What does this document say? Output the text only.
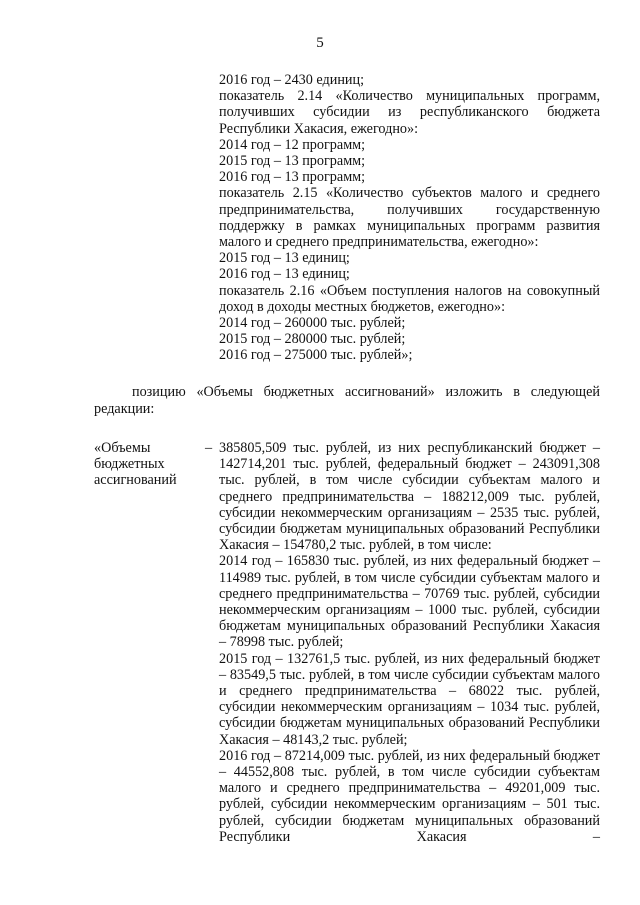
5
2016 год – 2430 единиц;
показатель 2.14 «Количество муниципальных программ, получивших субсидии из республиканского бюджета Республики Хакасия, ежегодно»:
2014 год – 12 программ;
2015 год – 13 программ;
2016 год – 13 программ;
показатель 2.15 «Количество субъектов малого и среднего предпринимательства, получивших государственную поддержку в рамках муниципальных программ развития малого и среднего предпринимательства, ежегодно»:
2015 год – 13 единиц;
2016 год – 13 единиц;
показатель 2.16 «Объем поступления налогов на совокупный доход в доходы местных бюджетов, ежегодно»:
2014 год – 260000 тыс. рублей;
2015 год – 280000 тыс. рублей;
2016 год – 275000 тыс. рублей»;
позицию «Объемы бюджетных ассигнований» изложить в следующей редакции:
«Объемы
бюджетных
ассигнований
– 385805,509 тыс. рублей, из них республиканский бюджет – 142714,201 тыс. рублей, федеральный бюджет – 243091,308 тыс. рублей, в том числе субсидии субъектам малого и среднего предпринимательства – 188212,009 тыс. рублей, субсидии некоммерческим организациям – 2535 тыс. рублей, субсидии бюджетам муниципальных образований Республики Хакасия – 154780,2 тыс. рублей, в том числе:

2014 год – 165830 тыс. рублей, из них федеральный бюджет – 114989 тыс. рублей, в том числе субсидии субъектам малого и среднего предпринимательства – 70769 тыс. рублей, субсидии некоммерческим организациям – 1000 тыс. рублей, субсидии бюджетам муниципальных образований Республики Хакасия – 78998 тыс. рублей;

2015 год – 132761,5 тыс. рублей, из них федеральный бюджет – 83549,5 тыс. рублей, в том числе субсидии субъектам малого и среднего предпринимательства – 68022 тыс. рублей, субсидии некоммерческим организациям – 1034 тыс. рублей, субсидии бюджетам муниципальных образований Республики Хакасия – 48143,2 тыс. рублей;

2016 год – 87214,009 тыс. рублей, из них федеральный бюджет – 44552,808 тыс. рублей, в том числе субсидии субъектам малого и среднего предпринимательства – 49201,009 тыс. рублей, субсидии некоммерческим организациям – 501 тыс. рублей, субсидии бюджетам муниципальных образований Республики Хакасия –
